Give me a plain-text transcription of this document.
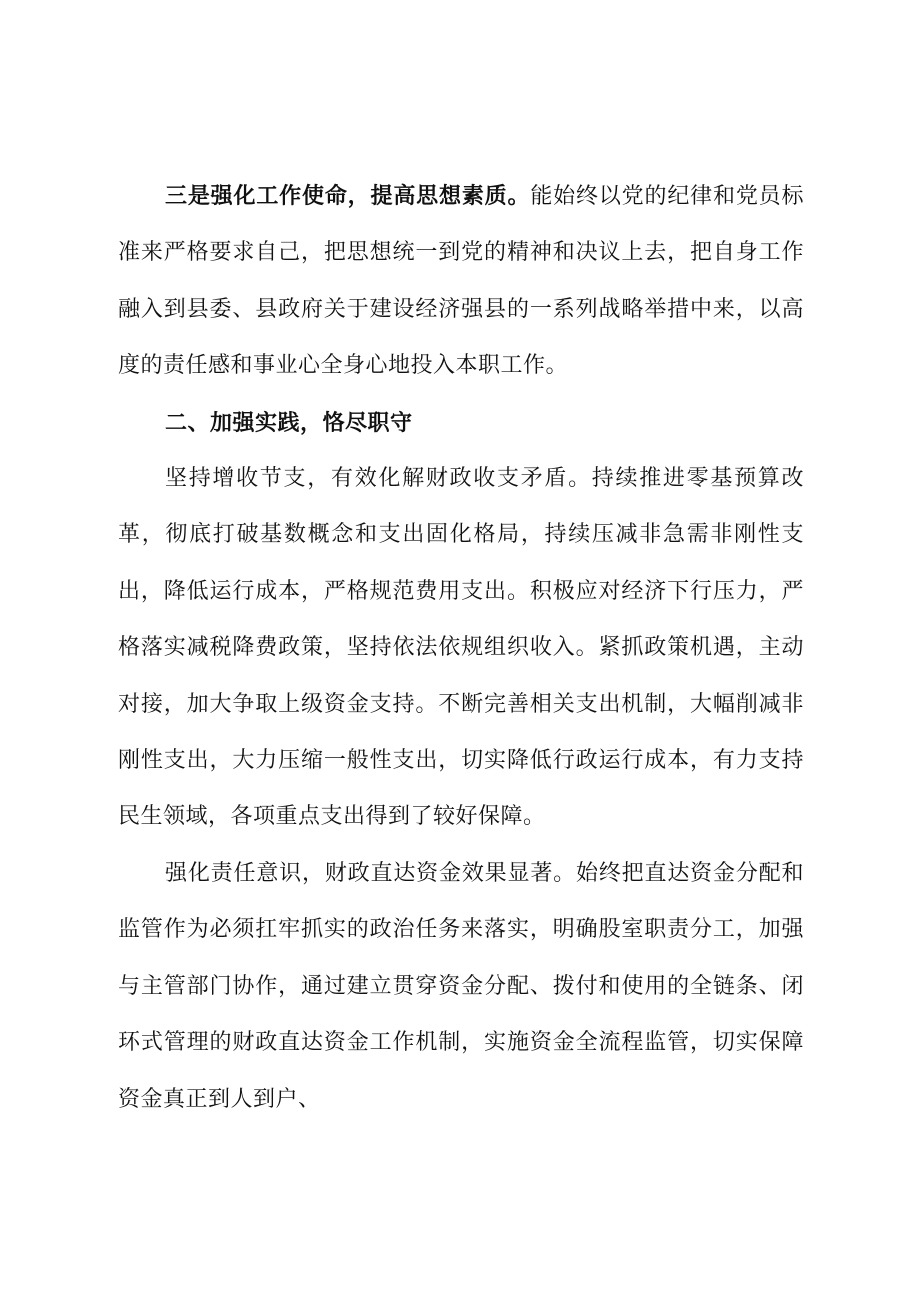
三是强化工作使命，提高思想素质。能始终以党的纪律和党员标准来严格要求自己，把思想统一到党的精神和决议上去，把自身工作融入到县委、县政府关于建设经济强县的一系列战略举措中来，以高度的责任感和事业心全身心地投入本职工作。

二、加强实践，恪尽职守

坚持增收节支，有效化解财政收支矛盾。持续推进零基预算改革，彻底打破基数概念和支出固化格局，持续压减非急需非刚性支出，降低运行成本，严格规范费用支出。积极应对经济下行压力，严格落实减税降费政策，坚持依法依规组织收入。紧抓政策机遇，主动对接，加大争取上级资金支持。不断完善相关支出机制，大幅削减非刚性支出，大力压缩一般性支出，切实降低行政运行成本，有力支持民生领域，各项重点支出得到了较好保障。

强化责任意识，财政直达资金效果显著。始终把直达资金分配和监管作为必须扛牢抓实的政治任务来落实，明确股室职责分工，加强与主管部门协作，通过建立贯穿资金分配、拨付和使用的全链条、闭环式管理的财政直达资金工作机制，实施资金全流程监管，切实保障资金真正到人到户、
